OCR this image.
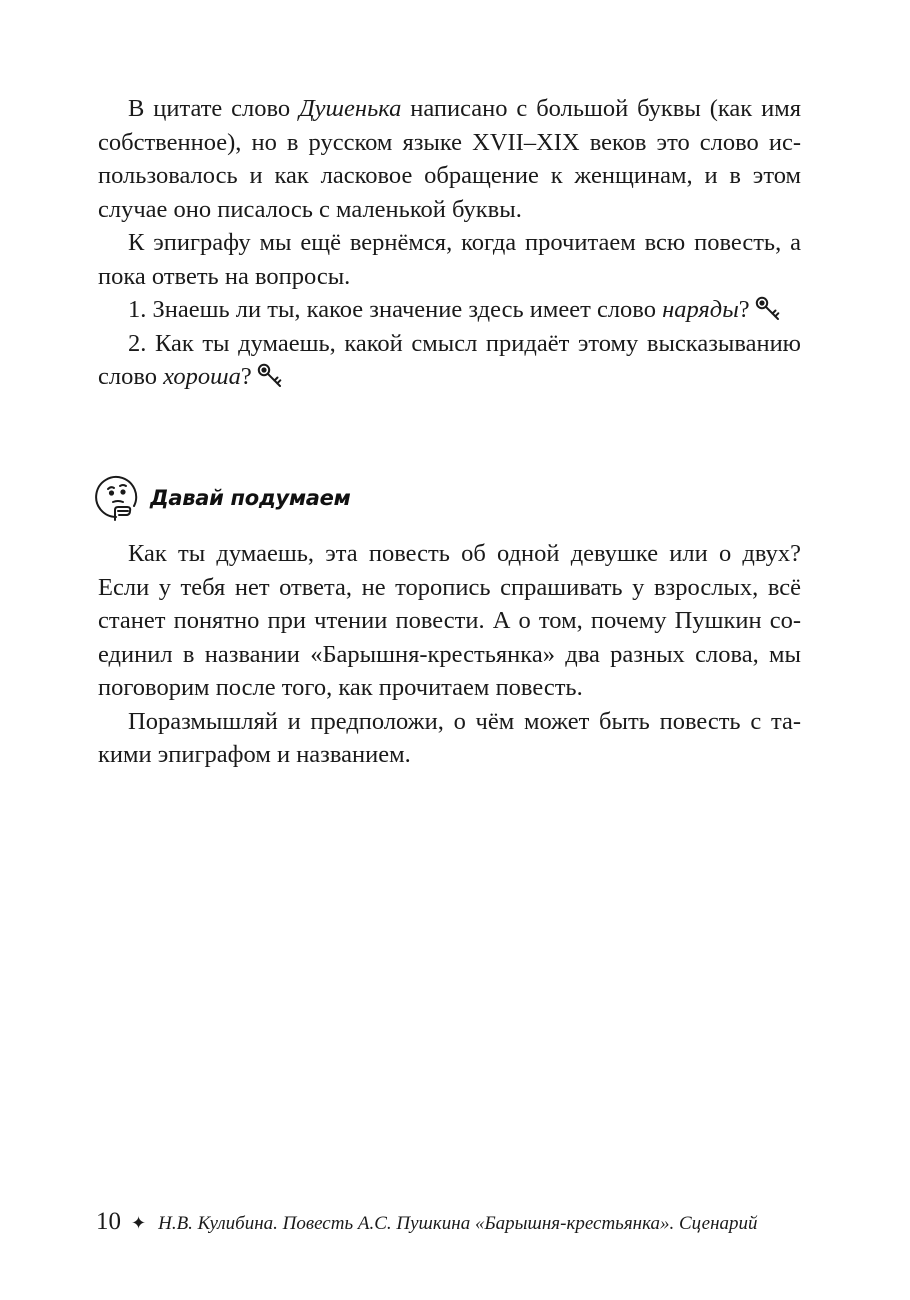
В цитате слово Душенька написано с большой буквы (как имя собственное), но в русском языке XVII–XIX веков это слово использовалось и как ласковое обращение к женщинам, и в этом случае оно писалось с маленькой буквы.

К эпиграфу мы ещё вернёмся, когда прочитаем всю повесть, а пока ответь на вопросы.

1. Знаешь ли ты, какое значение здесь имеет слово наряды?

2. Как ты думаешь, какой смысл придаёт этому высказыванию слово хороша?

Давай подумаем

Как ты думаешь, эта повесть об одной девушке или о двух? Если у тебя нет ответа, не торопись спрашивать у взрослых, всё станет понятно при чтении повести. А о том, почему Пушкин соединил в названии «Барышня-крестьянка» два разных слова, мы поговорим после того, как прочитаем повесть.

Поразмышляй и предположи, о чём может быть повесть с такими эпиграфом и названием.

10 ✦ Н.В. Кулибина. Повесть А.С. Пушкина «Барышня-крестьянка». Сценарий
